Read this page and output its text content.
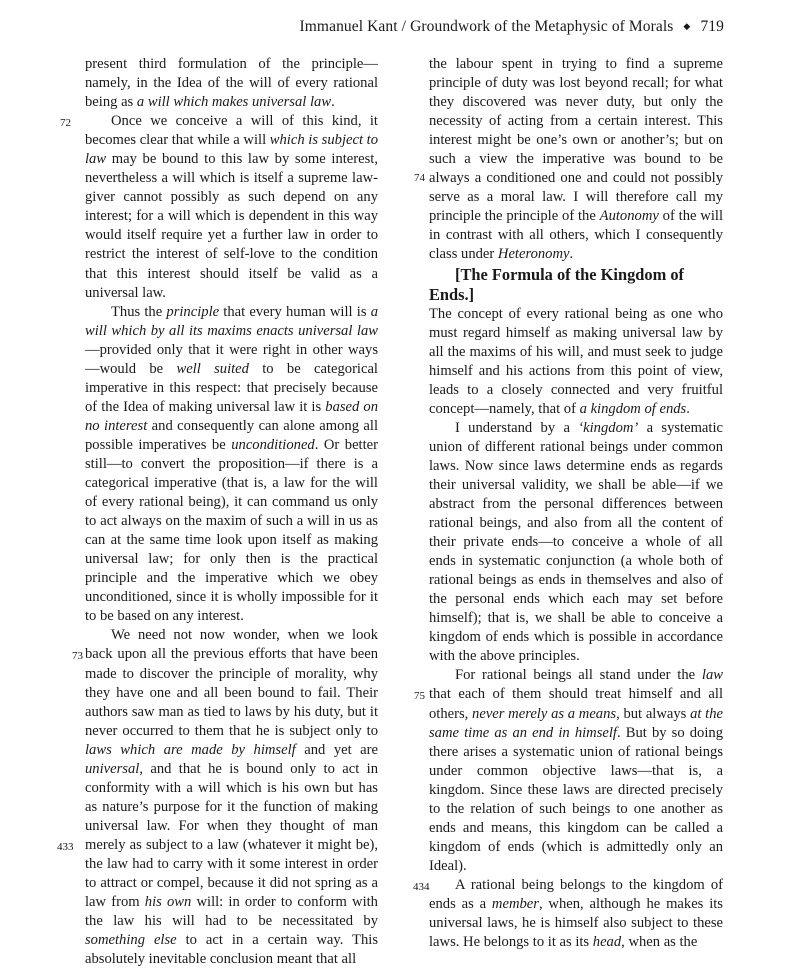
Immanuel Kant / Groundwork of the Metaphysic of Morals ◆ 719

present third formulation of the principle—namely, in the Idea of the will of every rational being as a will which makes universal law.

72	Once we conceive a will of this kind, it becomes clear that while a will which is subject to law may be bound to this law by some interest, nevertheless a will which is itself a supreme law-giver cannot possibly as such depend on any interest; for a will which is dependent in this way would itself require yet a further law in order to restrict the interest of self-love to the condition that this interest should itself be valid as a universal law.

Thus the principle that every human will is a will which by all its maxims enacts universal law—provided only that it were right in other ways—would be well suited to be categorical imperative in this respect: that precisely because of the Idea of making universal law it is based on no interest and consequently can alone among all possible imperatives be unconditioned. Or better still—to convert the proposition—if there is a categorical imperative (that is, a law for the will of every rational being), it can command us only to act
73
always on the maxim of such a will in us as can at the same time look upon itself as making universal law; for only then is the practical principle and the imperative which we obey unconditioned, since it is wholly impossible for it to be based on any interest.

We need not now wonder, when we look back upon all the previous efforts that have been made to discover the principle of morality, why they have one and all been bound to fail. Their authors saw man as tied to laws by his duty, but it never occurred to them that he is subject only to laws which are made by himself and yet are universal, and that he is bound only to act in conformity with a will which is his own but has as nature’s purpose for it the function of making universal law. For when they thought of man merely as subject to a law (whatever it might be),
433
the law had to carry with it some interest in order to attract or compel, because it did not spring as a law from his own will: in order to conform with the law his will had to be necessitated by something else to act in a certain way. This absolutely inevitable conclusion meant that all

the labour spent in trying to find a supreme principle of duty was lost beyond recall; for what they discovered was never duty, but only the necessity of acting from a certain interest. This interest might be one’s own or another’s; but on such a view the imperative was bound to be always a
74	conditioned one and could not possibly serve as a moral law. I will therefore call my principle the principle of the Autonomy of the will in contrast with all others, which I consequently class under Heteronomy.

[The Formula of the Kingdom of Ends.]

The concept of every rational being as one who must regard himself as making universal law by all the maxims of his will, and must seek to judge himself and his actions from this point of view, leads to a closely connected and very fruitful concept—namely, that of a kingdom of ends.

I understand by a ‘kingdom’ a systematic union of different rational beings under common laws. Now since laws determine ends as regards their universal validity, we shall be able—if we abstract from the personal differences between rational beings, and also from all the content of their private ends—to conceive a whole of all ends in systematic conjunction (a whole both of rational beings as ends in themselves and also of the personal ends which each may set before himself); that is, we shall be able to conceive a kingdom of ends which is possible in accordance with the above principles.

For rational beings all stand under the law that each of them should treat himself and all
75
others, never merely as a means, but always at the same time as an end in himself. But by so doing there arises a systematic union of rational beings under common objective laws—that is, a kingdom. Since these laws are directed precisely to the relation of such beings to one another as ends and means, this kingdom can be called a kingdom of ends (which is admittedly only an Ideal).

434 A rational being belongs to the kingdom of ends as a member, when, although he makes its universal laws, he is himself also subject to these laws. He belongs to it as its head, when as the
